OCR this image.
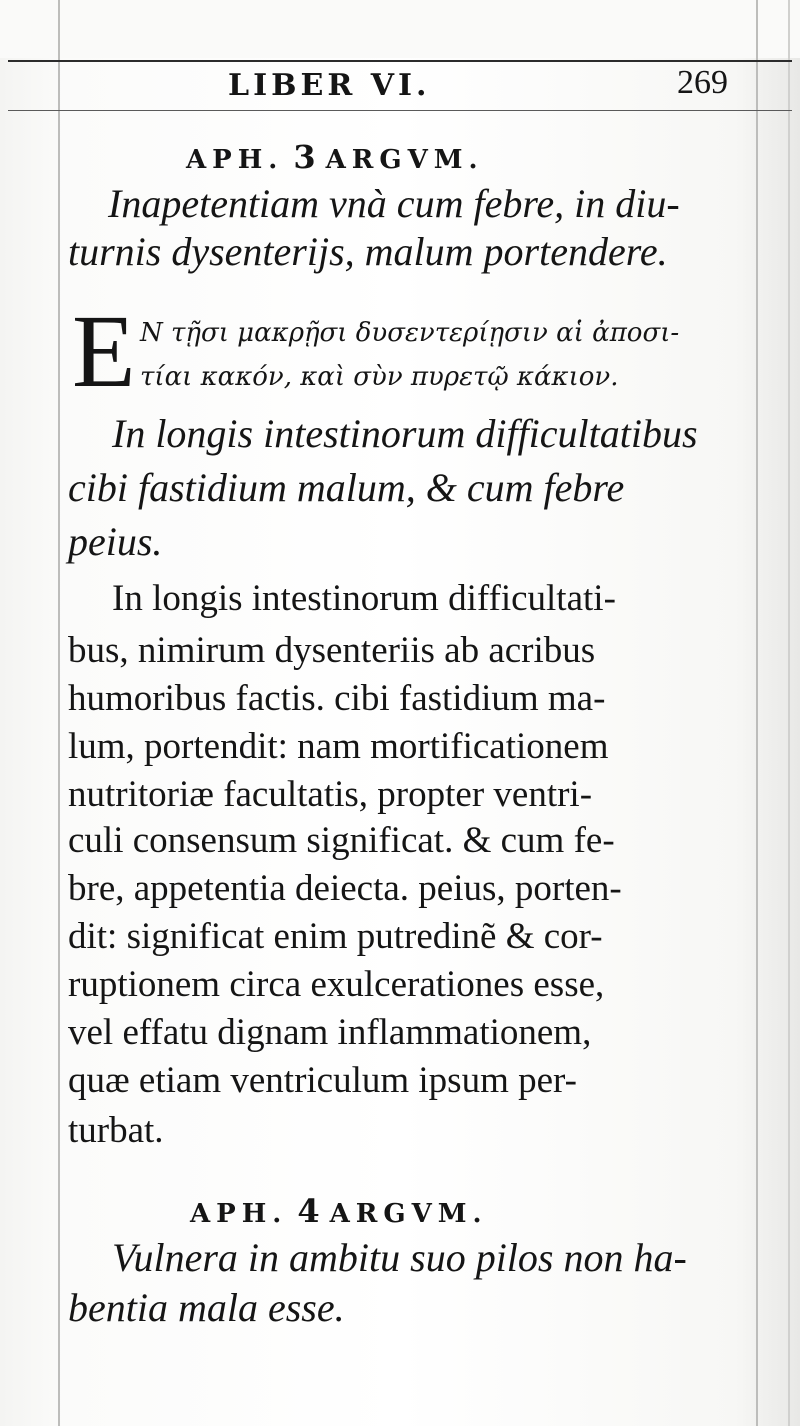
LIBER VI.	269
APH. 3 ARGVM.
Inapetentiam vnà cum febre, in diu-
turnis dysenterijs, malum portendere.
E N τῇσι μακρῇσι δυσεντερίῃσιν αἱ ἀποσι-
τίαι κακόν, καὶ σὺν πυρετῷ κάκιον.
In longis intestinorum difficultatibus
cibi fastidium malum, & cum febre
peius.
In longis intestinorum difficultati-
bus, nimirum dysenteriis ab acribus
humoribus factis. cibi fastidium ma-
lum, portendit: nam mortificationem
nutritoriæ facultatis, propter ventri-
culi consensum significat. & cum fe-
bre, appetentia deiecta. peius, porten-
dit: significat enim putredinẽ & cor-
ruptionem circa exulcerationes esse,
vel effatu dignam inflammationem,
quæ etiam ventriculum ipsum per-
turbat.
APH. 4 ARGVM.
Vulnera in ambitu suo pilos non ha-
bentia mala esse.
